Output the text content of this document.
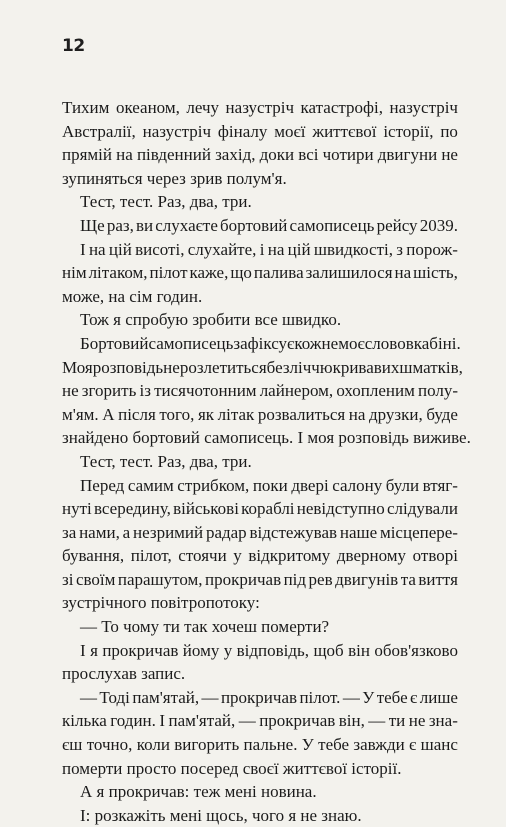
12
Тихим океаном, лечу назустріч катастрофі, назустріч
Австралії, назустріч фіналу моєї життєвої історії, по
прямій на південний захід, доки всі чотири двигуни не
зупиняться через зрив полум'я.
Тест, тест. Раз, два, три.
Ще раз, ви слухаєте бортовий самописець рейсу 2039.
І на цій висоті, слухайте, і на цій швидкості, з порож-
нім літаком, пілот каже, що палива залишилося на шість,
може, на сім годин.
Тож я спробую зробити все швидко.
Бортовий самописець зафіксує кожне моє слово в кабіні.
Моя розповідь не розлетиться безліччю кривавих шматків,
не згорить із тисячотонним лайнером, охопленим полу-
м'ям. А після того, як літак розвалиться на друзки, буде
знайдено бортовий самописець. І моя розповідь виживе.
Тест, тест. Раз, два, три.
Перед самим стрибком, поки двері салону були втяг-
нуті всередину, військові кораблі невідступно слідували
за нами, а незримий радар відстежував наше місцепере-
бування, пілот, стоячи у відкритому дверному отворі
зі своїм парашутом, прокричав під рев двигунів та виття
зустрічного повітропотоку:
— То чому ти так хочеш померти?
І я прокричав йому у відповідь, щоб він обов'язково
прослухав запис.
— Тоді пам'ятай, — прокричав пілот. — У тебе є лише
кілька годин. І пам'ятай, — прокричав він, — ти не зна-
єш точно, коли вигорить пальне. У тебе завжди є шанс
померти просто посеред своєї життєвої історії.
А я прокричав: теж мені новина.
І: розкажіть мені щось, чого я не знаю.
